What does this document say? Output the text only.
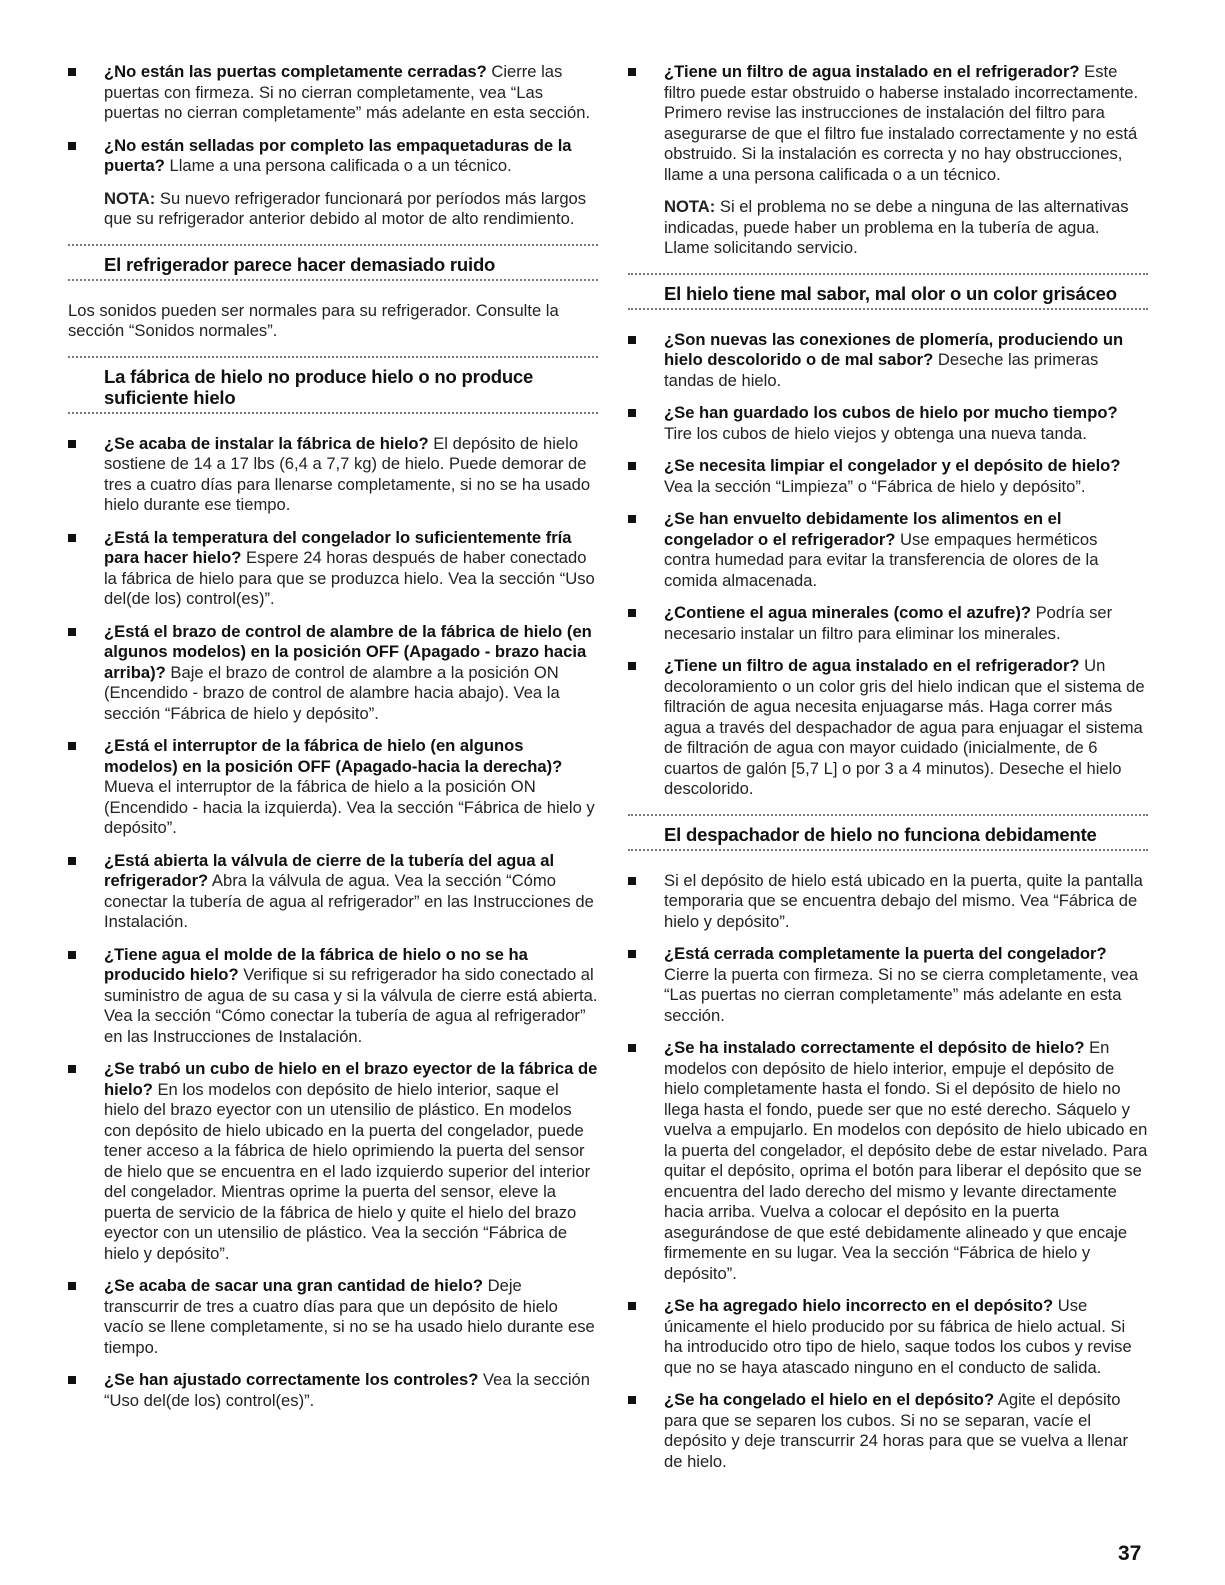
¿No están las puertas completamente cerradas? Cierre las puertas con firmeza. Si no cierran completamente, vea “Las puertas no cierran completamente” más adelante en esta sección.
¿No están selladas por completo las empaquetaduras de la puerta? Llame a una persona calificada o a un técnico.
NOTA: Su nuevo refrigerador funcionará por períodos más largos que su refrigerador anterior debido al motor de alto rendimiento.
El refrigerador parece hacer demasiado ruido
Los sonidos pueden ser normales para su refrigerador. Consulte la sección “Sonidos normales”.
La fábrica de hielo no produce hielo o no produce suficiente hielo
¿Se acaba de instalar la fábrica de hielo? El depósito de hielo sostiene de 14 a 17 lbs (6,4 a 7,7 kg) de hielo. Puede demorar de tres a cuatro días para llenarse completamente, si no se ha usado hielo durante ese tiempo.
¿Está la temperatura del congelador lo suficientemente fría para hacer hielo? Espere 24 horas después de haber conectado la fábrica de hielo para que se produzca hielo. Vea la sección “Uso del(de los) control(es)”.
¿Está el brazo de control de alambre de la fábrica de hielo (en algunos modelos) en la posición OFF (Apagado - brazo hacia arriba)? Baje el brazo de control de alambre a la posición ON (Encendido - brazo de control de alambre hacia abajo). Vea la sección “Fábrica de hielo y depósito”.
¿Está el interruptor de la fábrica de hielo (en algunos modelos) en la posición OFF (Apagado-hacia la derecha)? Mueva el interruptor de la fábrica de hielo a la posición ON (Encendido - hacia la izquierda). Vea la sección “Fábrica de hielo y depósito”.
¿Está abierta la válvula de cierre de la tubería del agua al refrigerador? Abra la válvula de agua. Vea la sección “Cómo conectar la tubería de agua al refrigerador” en las Instrucciones de Instalación.
¿Tiene agua el molde de la fábrica de hielo o no se ha producido hielo? Verifique si su refrigerador ha sido conectado al suministro de agua de su casa y si la válvula de cierre está abierta. Vea la sección “Cómo conectar la tubería de agua al refrigerador” en las Instrucciones de Instalación.
¿Se trabó un cubo de hielo en el brazo eyector de la fábrica de hielo? En los modelos con depósito de hielo interior, saque el hielo del brazo eyector con un utensilio de plástico. En modelos con depósito de hielo ubicado en la puerta del congelador, puede tener acceso a la fábrica de hielo oprimiendo la puerta del sensor de hielo que se encuentra en el lado izquierdo superior del interior del congelador. Mientras oprime la puerta del sensor, eleve la puerta de servicio de la fábrica de hielo y quite el hielo del brazo eyector con un utensilio de plástico. Vea la sección “Fábrica de hielo y depósito”.
¿Se acaba de sacar una gran cantidad de hielo? Deje transcurrir de tres a cuatro días para que un depósito de hielo vacío se llene completamente, si no se ha usado hielo durante ese tiempo.
¿Se han ajustado correctamente los controles? Vea la sección “Uso del(de los) control(es)”.
¿Tiene un filtro de agua instalado en el refrigerador? Este filtro puede estar obstruido o haberse instalado incorrectamente. Primero revise las instrucciones de instalación del filtro para asegurarse de que el filtro fue instalado correctamente y no está obstruido. Si la instalación es correcta y no hay obstrucciones, llame a una persona calificada o a un técnico.
NOTA: Si el problema no se debe a ninguna de las alternativas indicadas, puede haber un problema en la tubería de agua. Llame solicitando servicio.
El hielo tiene mal sabor, mal olor o un color grisáceo
¿Son nuevas las conexiones de plomería, produciendo un hielo descolorido o de mal sabor? Deseche las primeras tandas de hielo.
¿Se han guardado los cubos de hielo por mucho tiempo? Tire los cubos de hielo viejos y obtenga una nueva tanda.
¿Se necesita limpiar el congelador y el depósito de hielo? Vea la sección “Limpieza” o “Fábrica de hielo y depósito”.
¿Se han envuelto debidamente los alimentos en el congelador o el refrigerador? Use empaques herméticos contra humedad para evitar la transferencia de olores de la comida almacenada.
¿Contiene el agua minerales (como el azufre)? Podría ser necesario instalar un filtro para eliminar los minerales.
¿Tiene un filtro de agua instalado en el refrigerador? Un decoloramiento o un color gris del hielo indican que el sistema de filtración de agua necesita enjuagarse más. Haga correr más agua a través del despachador de agua para enjuagar el sistema de filtración de agua con mayor cuidado (inicialmente, de 6 cuartos de galón [5,7 L] o por 3 a 4 minutos). Deseche el hielo descolorido.
El despachador de hielo no funciona debidamente
Si el depósito de hielo está ubicado en la puerta, quite la pantalla temporaria que se encuentra debajo del mismo. Vea “Fábrica de hielo y depósito”.
¿Está cerrada completamente la puerta del congelador? Cierre la puerta con firmeza. Si no se cierra completamente, vea “Las puertas no cierran completamente” más adelante en esta sección.
¿Se ha instalado correctamente el depósito de hielo? En modelos con depósito de hielo interior, empuje el depósito de hielo completamente hasta el fondo. Si el depósito de hielo no llega hasta el fondo, puede ser que no esté derecho. Sáquelo y vuelva a empujarlo. En modelos con depósito de hielo ubicado en la puerta del congelador, el depósito debe de estar nivelado. Para quitar el depósito, oprima el botón para liberar el depósito que se encuentra del lado derecho del mismo y levante directamente hacia arriba. Vuelva a colocar el depósito en la puerta asegurándose de que esté debidamente alineado y que encaje firmemente en su lugar. Vea la sección “Fábrica de hielo y depósito”.
¿Se ha agregado hielo incorrecto en el depósito? Use únicamente el hielo producido por su fábrica de hielo actual. Si ha introducido otro tipo de hielo, saque todos los cubos y revise que no se haya atascado ninguno en el conducto de salida.
¿Se ha congelado el hielo en el depósito? Agite el depósito para que se separen los cubos. Si no se separan, vacíe el depósito y deje transcurrir 24 horas para que se vuelva a llenar de hielo.
37
